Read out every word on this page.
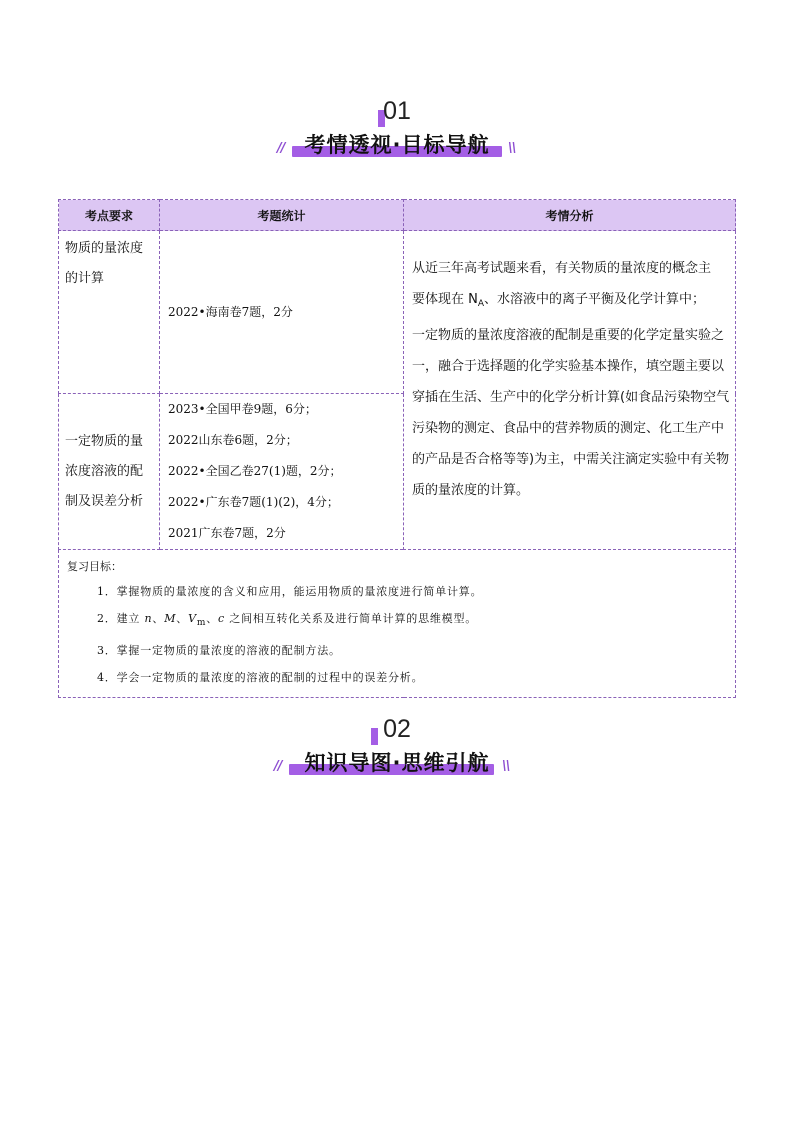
01
// 考情透视·目标导航	\\
考点要求	考题统计	考情分析
物质的量浓度的计算	2022•海南卷7题，2分	从近三年高考试题来看，有关物质的量浓度的概念主
要体现在 $N_A$、水溶液中的离子平衡及化学计算中；
一定物质的量浓度溶液的配制是重要的化学定量实验之一，融合于选择题的化学实验基本操作，填空题主要以穿插在生活、生产中的化学分析计算(如食品污染物空气污染物的测定、食品中的营养物质的测定、化工生产中的产品是否合格等等)为主，中需关注滴定实验中有关物质的量浓度的计算。

一定物质的量浓度溶液的配制及误差分析	2023•全国甲卷9题，6分；
2022山东卷6题，2分；
2022•全国乙卷27(1)题，2分；
2022•广东卷7题(1)(2)，4分；
2021广东卷7题，2分	

复习目标：
1．掌握物质的量浓度的含义和应用，能运用物质的量浓度进行简单计算。
2．建立 n、M、$V_m$、c 之间相互转化关系及进行简单计算的思维模型。
3．掌握一定物质的量浓度的溶液的配制方法。
4．学会一定物质的量浓度的溶液的配制的过程中的误差分析。		
02
//	知识导图·思维引航 \\
